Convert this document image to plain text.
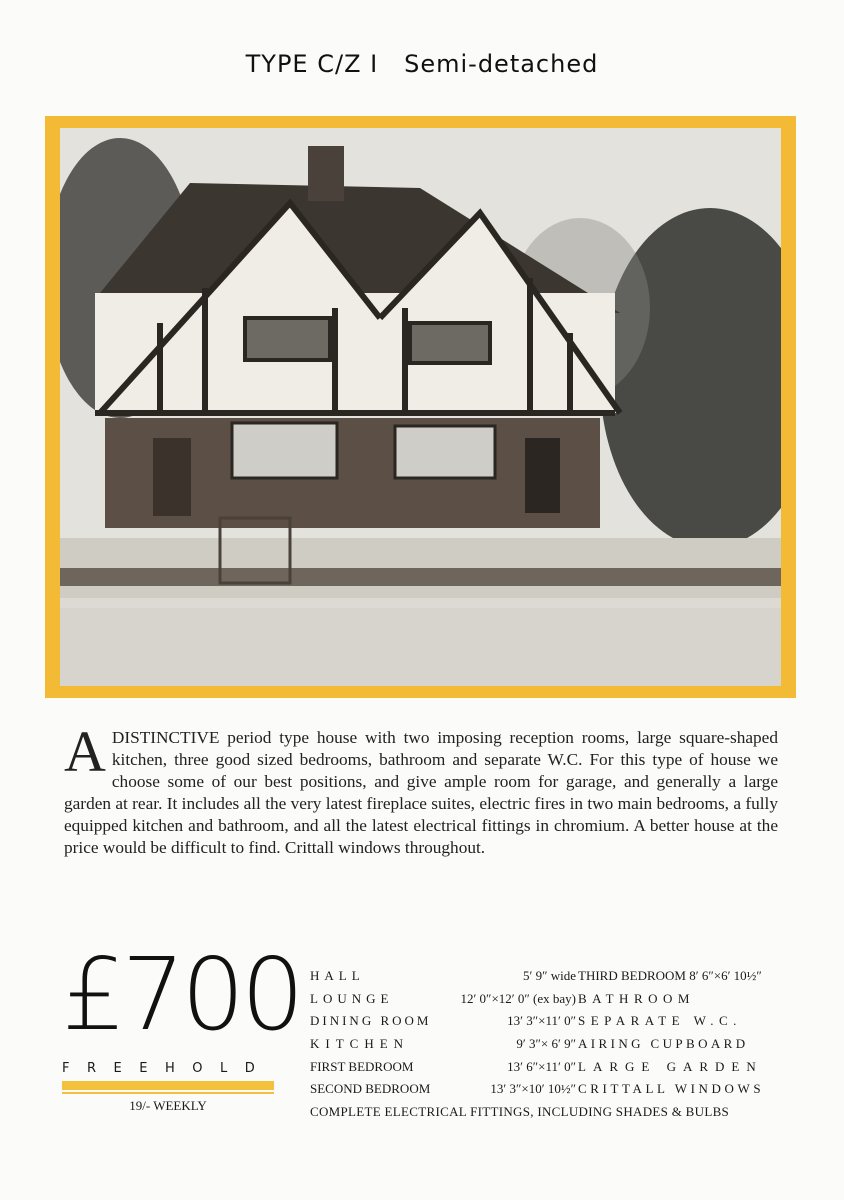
TYPE C/Z I   Semi-detached
ADISTINCTIVE period type house with two imposing reception rooms, large square-shaped kitchen, three good sized bedrooms, bathroom and separate W.C. For this type of house we choose some of our best positions, and give ample room for garage, and generally a large garden at rear. It includes all the very latest fireplace suites, electric fires in two main bedrooms, a fully equipped kitchen and bathroom, and all the latest electrical fittings in chromium. A better house at the price would be difficult to find. Crittall windows throughout.
£700
FREEHOLD
19/- WEEKLY
HALL	5′ 9″ wide THIRD BEDROOM 8′ 6″×6′ 10½″
LOUNGE	12′ 0″×12′ 0″ (ex bay) BATHROOM
DINING ROOM	13′ 3″×11′ 0″ SEPARATE W.C.
KITCHEN	9′ 3″× 6′ 9″ AIRING CUPBOARD
FIRST BEDROOM	13′ 6″×11′ 0″ LARGE GARDEN
SECOND BEDROOM	13′ 3″×10′ 10½″ CRITTALL WINDOWS
COMPLETE ELECTRICAL FITTINGS, INCLUDING SHADES & BULBS
